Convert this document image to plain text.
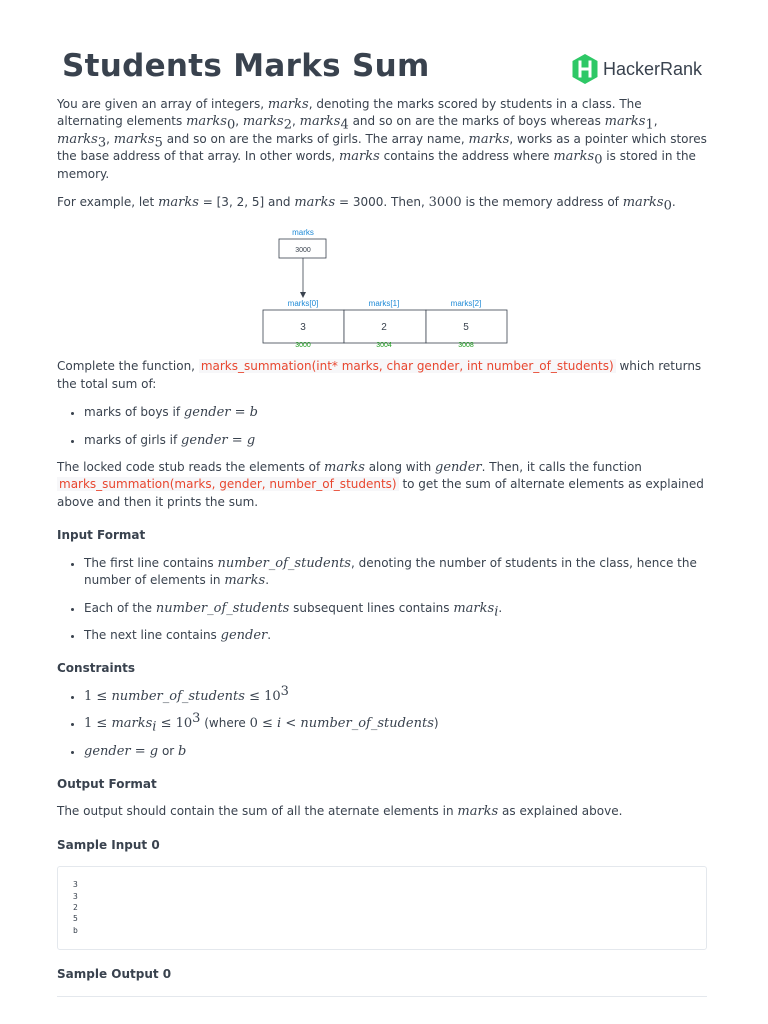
Students Marks Sum	HackerRank

You are given an array of integers, marks, denoting the marks scored by students in a class. The alternating elements marks$_0$, marks$_2$, marks$_4$ and so on are the marks of boys whereas marks$_1$, marks$_3$, marks$_5$ and so on are the marks of girls. The array name, marks, works as a pointer which stores the base address of that array. In other words, marks contains the address where marks$_0$ is stored in the memory.

For example, let marks = [3, 2, 5] and marks = 3000. Then, 3000 is the memory address of marks$_0$.

marks
3000
marks[0]	marks[1]	marks[2]
3	2	5
3000	3004	3008

Complete the function, marks_summation(int* marks, char gender, int number_of_students) which returns the total sum of:

• marks of boys if gender = b
• marks of girls if gender = g

The locked code stub reads the elements of marks along with gender. Then, it calls the function marks_summation(marks, gender, number_of_students) to get the sum of alternate elements as explained above and then it prints the sum.

Input Format
• The first line contains number_of_students, denoting the number of students in the class, hence the number of elements in marks.
• Each of the number_of_students subsequent lines contains marks$_i$.
• The next line contains gender.
Constraints
• 1 ≤ number_of_students ≤ $10^3$
• 1 ≤ marks$_i$ ≤ $10^3$ (where 0 ≤ i < number_of_students)
• gender = g or b
Output Format

The output should contain the sum of all the aternate elements in marks as explained above.

Sample Input 0
3
3
2
5
b
Sample Output 0
